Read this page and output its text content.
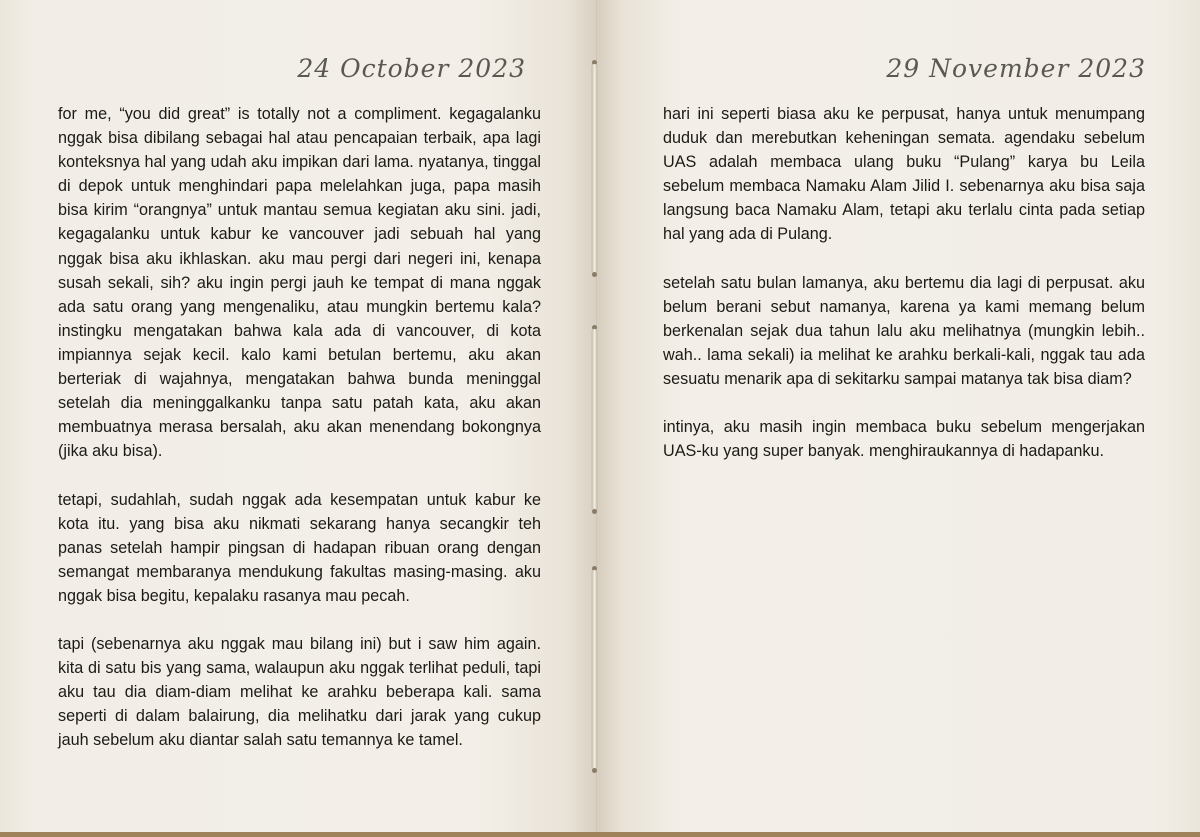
24 October 2023

for me, “you did great” is totally not a compliment. kegagalanku nggak bisa dibilang sebagai hal atau pencapaian terbaik, apa lagi konteksnya hal yang udah aku impikan dari lama. nyatanya, tinggal di depok untuk menghindari papa melelahkan juga, papa masih bisa kirim “orangnya” untuk mantau semua kegiatan aku sini. jadi, kegagalanku untuk kabur ke vancouver jadi sebuah hal yang nggak bisa aku ikhlaskan. aku mau pergi dari negeri ini, kenapa susah sekali, sih? aku ingin pergi jauh ke tempat di mana nggak ada satu orang yang mengenaliku, atau mungkin bertemu kala? instingku mengatakan bahwa kala ada di vancouver, di kota impiannya sejak kecil. kalo kami betulan bertemu, aku akan berteriak di wajahnya, mengatakan bahwa bunda meninggal setelah dia meninggalkanku tanpa satu patah kata, aku akan membuatnya merasa bersalah, aku akan menendang bokongnya (jika aku bisa).

tetapi, sudahlah, sudah nggak ada kesempatan untuk kabur ke kota itu. yang bisa aku nikmati sekarang hanya secangkir teh panas setelah hampir pingsan di hadapan ribuan orang dengan semangat membaranya mendukung fakultas masing-masing. aku nggak bisa begitu, kepalaku rasanya mau pecah.

tapi (sebenarnya aku nggak mau bilang ini) but i saw him again. kita di satu bis yang sama, walaupun aku nggak terlihat peduli, tapi aku tau dia diam-diam melihat ke arahku beberapa kali. sama seperti di dalam balairung, dia melihatku dari jarak yang cukup jauh sebelum aku diantar salah satu temannya ke tamel.

29 November 2023

hari ini seperti biasa aku ke perpusat, hanya untuk menumpang duduk dan merebutkan keheningan semata. agendaku sebelum UAS adalah membaca ulang buku “Pulang” karya bu Leila sebelum membaca Namaku Alam Jilid I. sebenarnya aku bisa saja langsung baca Namaku Alam, tetapi aku terlalu cinta pada setiap hal yang ada di Pulang.

setelah satu bulan lamanya, aku bertemu dia lagi di perpusat. aku belum berani sebut namanya, karena ya kami memang belum berkenalan sejak dua tahun lalu aku melihatnya (mungkin lebih.. wah.. lama sekali) ia melihat ke arahku berkali-kali, nggak tau ada sesuatu menarik apa di sekitarku sampai matanya tak bisa diam?

intinya, aku masih ingin membaca buku sebelum mengerjakan UAS-ku yang super banyak. menghiraukannya di hadapanku.
